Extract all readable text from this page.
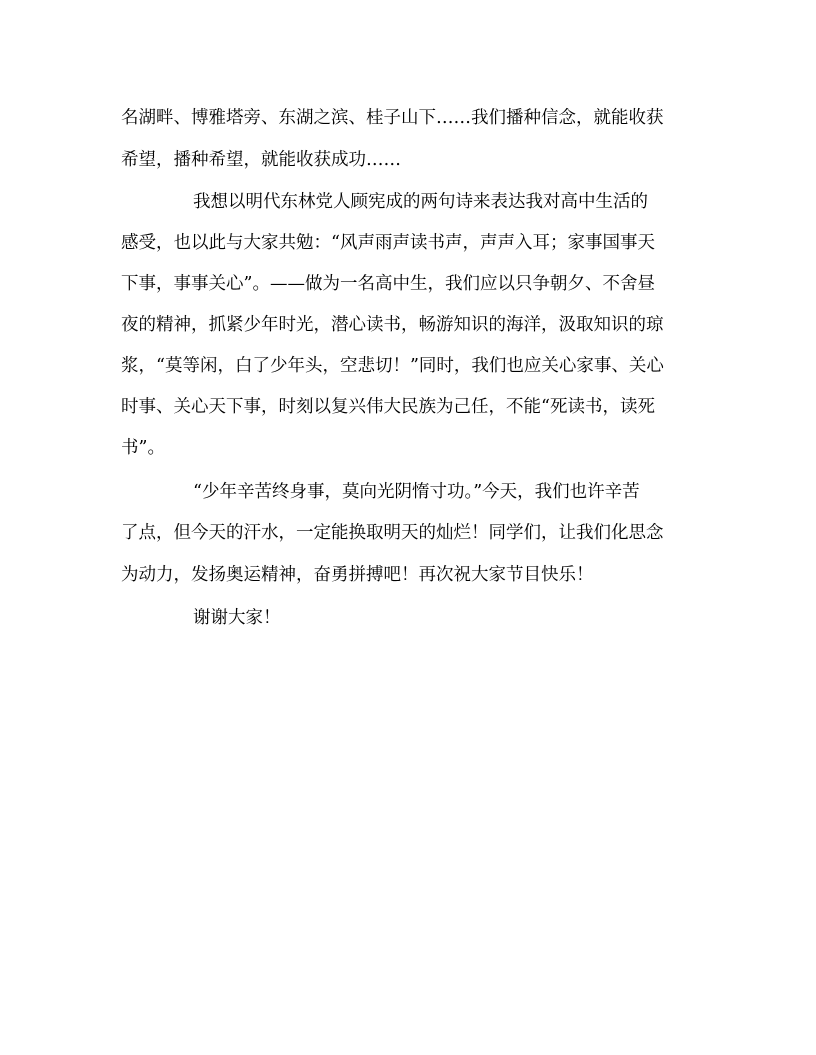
名湖畔、博雅塔旁、东湖之滨、桂子山下……我们播种信念，就能收获

希望，播种希望，就能收获成功……

我想以明代东林党人顾宪成的两句诗来表达我对高中生活的

感受，也以此与大家共勉：“风声雨声读书声，声声入耳；家事国事天

下事，事事关心”。——做为一名高中生，我们应以只争朝夕、不舍昼

夜的精神，抓紧少年时光，潜心读书，畅游知识的海洋，汲取知识的琼

浆，“莫等闲，白了少年头，空悲切！”同时，我们也应关心家事、关心

时事、关心天下事，时刻以复兴伟大民族为己任，不能“死读书，读死

书”。

“少年辛苦终身事，莫向光阴惰寸功。”今天，我们也许辛苦

了点，但今天的汗水，一定能换取明天的灿烂！同学们，让我们化思念

为动力，发扬奥运精神，奋勇拼搏吧！再次祝大家节目快乐！

谢谢大家！
